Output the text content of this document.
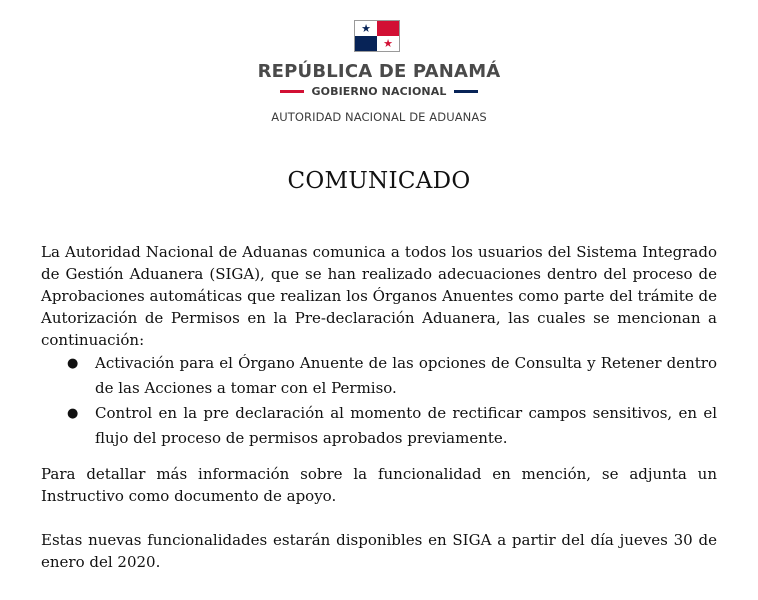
★
★
REPÚBLICA DE PANAMÁ
GOBIERNO NACIONAL
AUTORIDAD NACIONAL DE ADUANAS
COMUNICADO

La Autoridad Nacional de Aduanas comunica a todos los usuarios del Sistema Integrado de Gestión Aduanera (SIGA), que se han realizado adecuaciones dentro del proceso de Aprobaciones automáticas que realizan los Órganos Anuentes como parte del trámite de Autorización de Permisos en la Pre-declaración Aduanera, las cuales se mencionan a continuación:

● Activación para el Órgano Anuente de las opciones de Consulta y Retener dentro de las Acciones a tomar con el Permiso.
● Control en la pre declaración al momento de rectificar campos sensitivos, en el flujo del proceso de permisos aprobados previamente.

Para detallar más información sobre la funcionalidad en mención, se adjunta un Instructivo como documento de apoyo.

Estas nuevas funcionalidades estarán disponibles en SIGA a partir del día jueves 30 de enero del 2020.
